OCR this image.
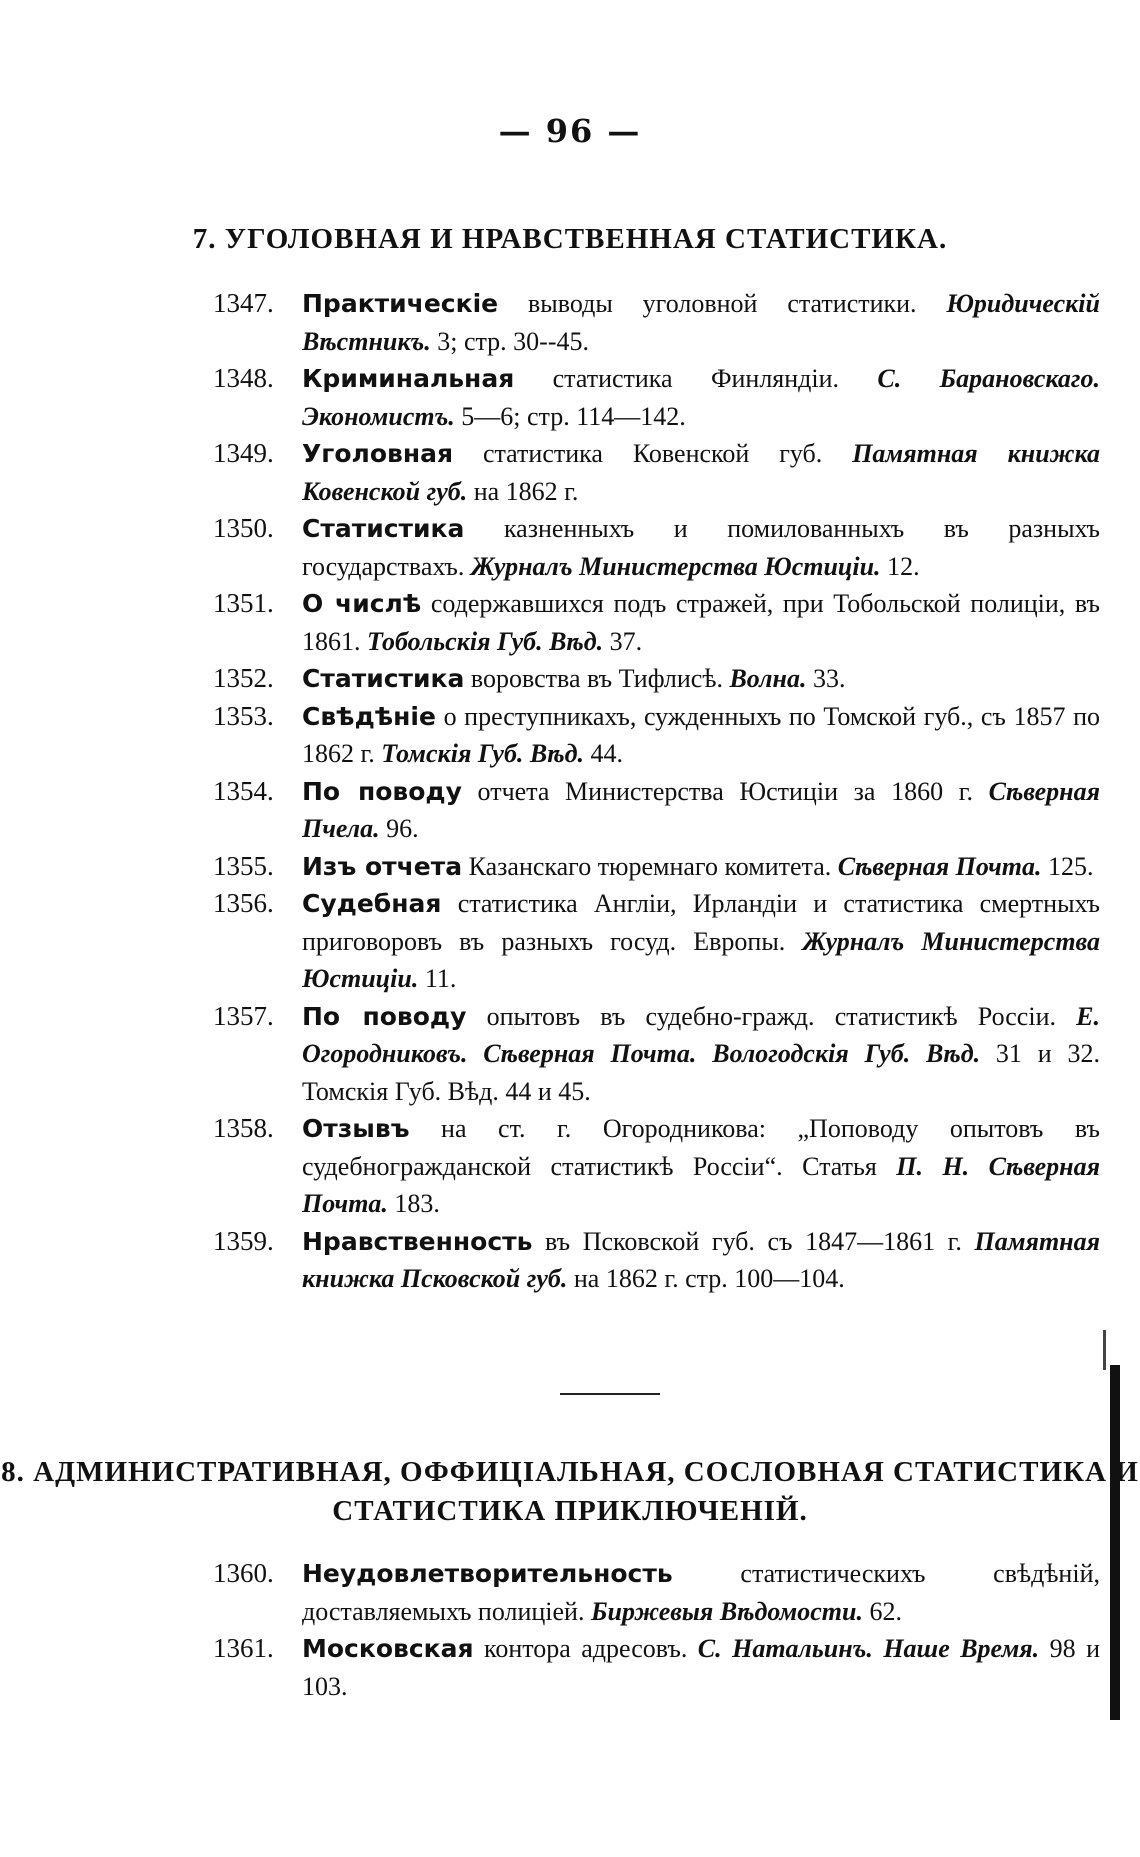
— 96 —
7. УГОЛОВНАЯ И НРАВСТВЕННАЯ СТАТИСТИКА.
1347.	Практическіе выводы уголовной статистики. Юридическій Вѣстникъ. 3; стр. 30--45.
1348.	Криминальная статистика Финляндіи. С. Барановскаго. Экономистъ. 5—6; стр. 114—142.
1349.	Уголовная статистика Ковенской губ. Памятная книжка Ковенской губ. на 1862 г.
1350.	Статистика казненныхъ и помилованныхъ въ разныхъ государствахъ. Журналъ Министерства Юстиціи. 12.
1351.	О числѣ содержавшихся подъ стражей, при Тобольской полиціи, въ 1861. Тобольскія Губ. Вѣд. 37.
1352.	Статистика воровства въ Тифлисѣ. Волна. 33.
1353.	Свѣдѣніе о преступникахъ, сужденныхъ по Томской губ., съ 1857 по 1862 г. Томскія Губ. Вѣд. 44.
1354.	По поводу отчета Министерства Юстиціи за 1860 г. Сѣверная Пчела. 96.
1355.	Изъ отчета Казанскаго тюремнаго комитета. Сѣверная Почта. 125.
1356.	Судебная статистика Англіи, Ирландіи и статистика смертныхъ приговоровъ въ разныхъ госуд. Европы. Журналъ Министерства Юстиціи. 11.
1357.	По поводу опытовъ въ судебно-гражд. статистикѣ Россіи. Е. Огородниковъ. Сѣверная Почта. Вологодскія Губ. Вѣд. 31 и 32. Томскія Губ. Вѣд. 44 и 45.
1358.	Отзывъ на ст. г. Огородникова: „Поповоду опытовъ въ судебногражданской статистикѣ Россіи“. Статья П. Н. Сѣверная Почта. 183.
1359.	Нравственность въ Псковской губ. съ 1847—1861 г. Памятная книжка Псковской губ. на 1862 г. стр. 100—104.
8. АДМИНИСТРАТИВНАЯ, ОФФИЦІАЛЬНАЯ, СОСЛОВНАЯ СТАТИСТИКА И
СТАТИСТИКА ПРИКЛЮЧЕНІЙ.
1360.	Неудовлетворительность статистическихъ свѣдѣній, доставляемыхъ полиціей. Биржевыя Вѣдомости. 62.
1361.	Московская контора адресовъ. С. Натальинъ. Наше Время. 98 и 103.
